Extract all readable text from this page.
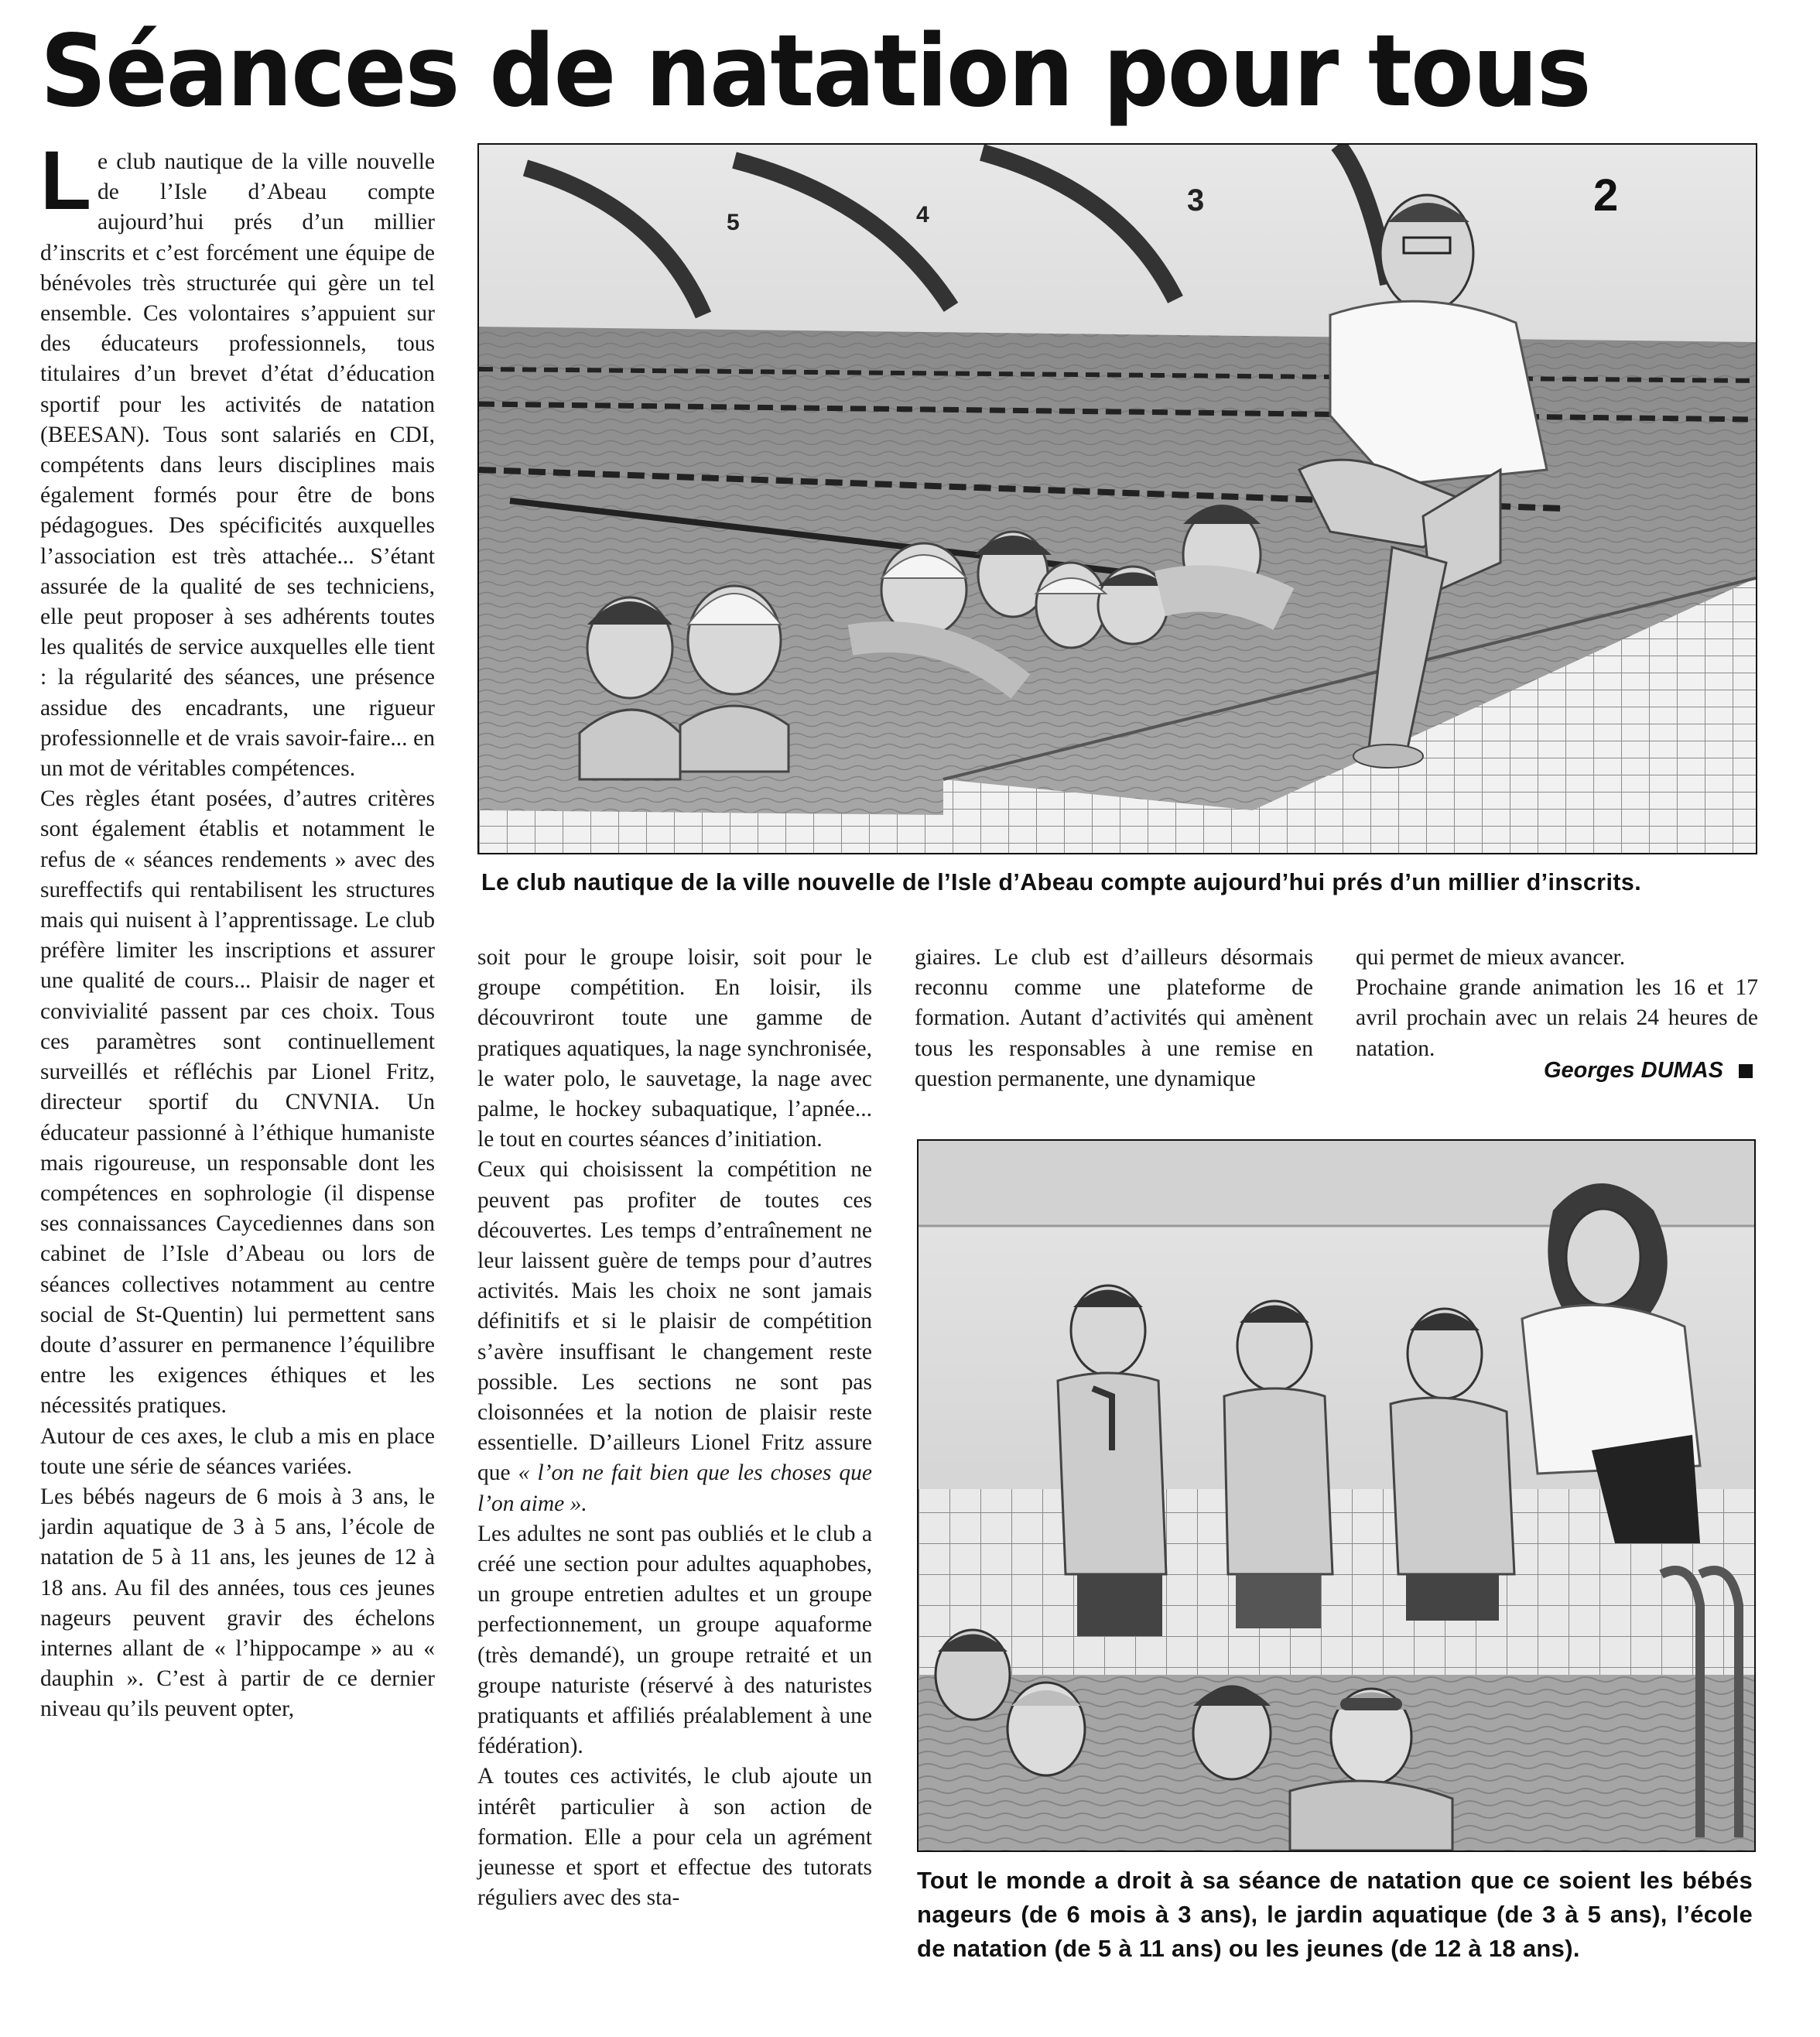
Séances de natation pour tous

Le club nautique de la ville nouvelle de l’Isle d’Abeau compte aujourd’hui prés d’un millier d’inscrits et c’est forcément une équipe de bénévoles très structurée qui gère un tel ensemble. Ces volontaires s’appuient sur des éducateurs professionnels, tous titulaires d’un brevet d’état d’éducation sportif pour les activités de natation (BEESAN). Tous sont salariés en CDI, compétents dans leurs disciplines mais également formés pour être de bons pédagogues. Des spécificités auxquelles l’association est très attachée... S’étant assurée de la qualité de ses techniciens, elle peut proposer à ses adhérents toutes les qualités de service auxquelles elle tient : la régularité des séances, une présence assidue des encadrants, une rigueur professionnelle et de vrais savoir-faire... en un mot de véritables compétences.

Ces règles étant posées, d’autres critères sont également établis et notamment le refus de « séances rendements » avec des sureffectifs qui rentabilisent les structures mais qui nuisent à l’apprentissage. Le club préfère limiter les inscriptions et assurer une qualité de cours... Plaisir de nager et convivialité passent par ces choix. Tous ces paramètres sont continuellement surveillés et réfléchis par Lionel Fritz, directeur sportif du CNVNIA. Un éducateur passionné à l’éthique humaniste mais rigoureuse, un responsable dont les compétences en sophrologie (il dispense ses connaissances Caycediennes dans son cabinet de l’Isle d’Abeau ou lors de séances collectives notamment au centre social de St-Quentin) lui permettent sans doute d’assurer en permanence l’équilibre entre les exigences éthiques et les nécessités pratiques.

Autour de ces axes, le club a mis en place toute une série de séances variées.

Les bébés nageurs de 6 mois à 3 ans, le jardin aquatique de 3 à 5 ans, l’école de natation de 5 à 11 ans, les jeunes de 12 à 18 ans. Au fil des années, tous ces jeunes nageurs peuvent gravir des échelons internes allant de « l’hippocampe » au « dauphin ». C’est à partir de ce dernier niveau qu’ils peuvent opter,

5	4	3	2
Le club nautique de la ville nouvelle de l’Isle d’Abeau compte aujourd’hui prés d’un millier d’inscrits.

soit pour le groupe loisir, soit pour le groupe compétition. En loisir, ils découvriront toute une gamme de pratiques aquatiques, la nage synchronisée, le water polo, le sauvetage, la nage avec palme, le hockey subaquatique, l’apnée... le tout en courtes séances d’initiation.

Ceux qui choisissent la compétition ne peuvent pas profiter de toutes ces découvertes. Les temps d’entraînement ne leur laissent guère de temps pour d’autres activités. Mais les choix ne sont jamais définitifs et si le plaisir de compétition s’avère insuffisant le changement reste possible. Les sections ne sont pas cloisonnées et la notion de plaisir reste essentielle. D’ailleurs Lionel Fritz assure que « l’on ne fait bien que les choses que l’on aime ».

Les adultes ne sont pas oubliés et le club a créé une section pour adultes aquaphobes, un groupe entretien adultes et un groupe perfectionnement, un groupe aquaforme (très demandé), un groupe retraité et un groupe naturiste (réservé à des naturistes pratiquants et affiliés préalablement à une fédération).

A toutes ces activités, le club ajoute un intérêt particulier à son action de formation. Elle a pour cela un agrément jeunesse et sport et effectue des tutorats réguliers avec des sta-

giaires. Le club est d’ailleurs désormais reconnu comme une plateforme de formation. Autant d’activités qui amènent tous les responsables à une remise en question permanente, une dynamique

qui permet de mieux avancer.

Prochaine grande animation les 16 et 17 avril prochain avec un relais 24 heures de natation.

Georges DUMAS
Tout le monde a droit à sa séance de natation que ce soient les bébés nageurs (de 6 mois à 3 ans), le jardin aquatique (de 3 à 5 ans), l’école de natation (de 5 à 11 ans) ou les jeunes (de 12 à 18 ans).
